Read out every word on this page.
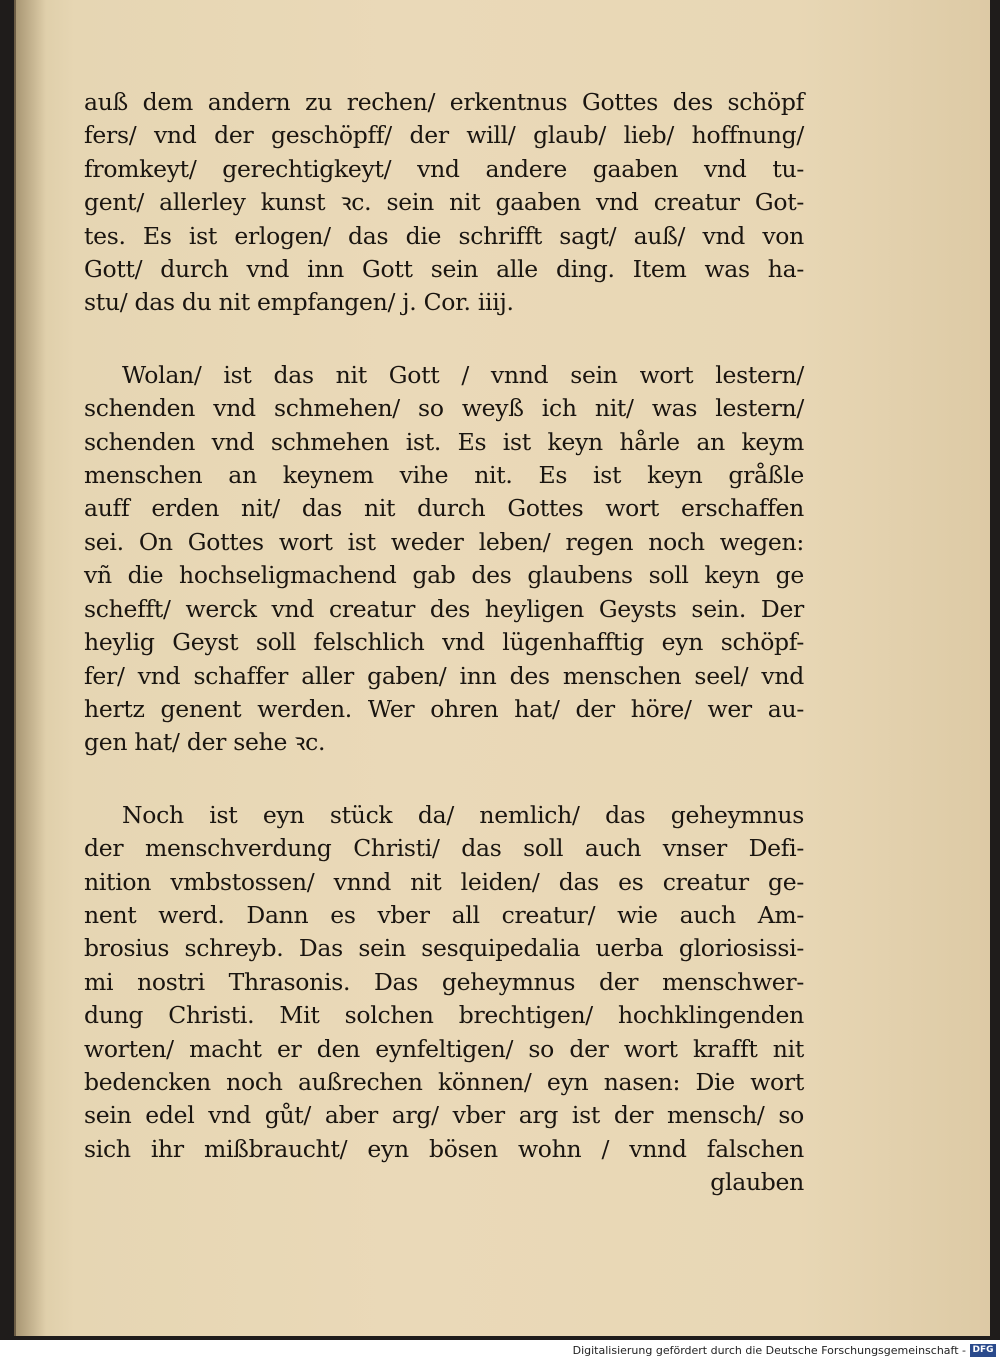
auß dem andern zu rechen/ erkentnus Gottes des schöpf
fers/ vnd der geschöpff/ der will/ glaub/ lieb/ hoffnung/
fromkeyt/ gerechtigkeyt/ vnd andere gaaben vnd tu-
gent/ allerley kunst ꝛc. sein nit gaaben vnd creatur Got-
tes. Es ist erlogen/ das die schrifft sagt/ auß/ vnd von
Gott/ durch vnd inn Gott sein alle ding. Item was ha-
stu/ das du nit empfangen/ j. Cor. iiij.

Wolan/ ist das nit Gott / vnnd sein wort lestern/
schenden vnd schmehen/ so weyß ich nit/ was lestern/
schenden vnd schmehen ist. Es ist keyn hårle an keym
menschen an keynem vihe nit. Es ist keyn gråßle
auff erden nit/ das nit durch Gottes wort erschaffen
sei. On Gottes wort ist weder leben/ regen noch wegen:
vñ die hochseligmachend gab des glaubens soll keyn ge
schefft/ werck vnd creatur des heyligen Geysts sein. Der
heylig Geyst soll felschlich vnd lügenhafftig eyn schöpf-
fer/ vnd schaffer aller gaben/ inn des menschen seel/ vnd
hertz genent werden. Wer ohren hat/ der höre/ wer au-
gen hat/ der sehe ꝛc.

Noch ist eyn stück da/ nemlich/ das geheymnus
der menschverdung Christi/ das soll auch vnser Defi-
nition vmbstossen/ vnnd nit leiden/ das es creatur ge-
nent werd. Dann es vber all creatur/ wie auch Am-
brosius schreyb. Das sein sesquipedalia uerba gloriosissi-
mi nostri Thrasonis. Das geheymnus der menschwer-
dung Christi. Mit solchen brechtigen/ hochklingenden
worten/ macht er den eynfeltigen/ so der wort krafft nit
bedencken noch außrechen können/ eyn nasen: Die wort
sein edel vnd gůt/ aber arg/ vber arg ist der mensch/ so
sich ihr mißbraucht/ eyn bösen wohn / vnnd falschen
glauben

Digitalisierung gefördert durch die Deutsche Forschungsgemeinschaft - DFG
